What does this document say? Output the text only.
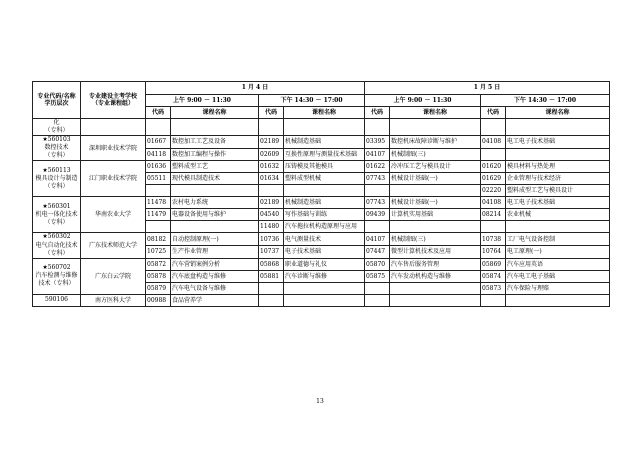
专业代码/名称
学历层次	专业建设主考学校
（专业课程组）	1 月 4 日				1 月 5 日			
		上午 9:00 － 11:30		下午 14:30 － 17:00		上午 9:00 － 11:30		下午 14:30 － 17:00	
		代码	课程名称	代码	课程名称	代码	课程名称	代码	课程名称
化
（专科）									
★560103
数控技术
（专科）	深圳职业技术学院	01667	数控加工工艺及设备	02189	机械制造基础	03395	数控机床故障诊断与维护	04108	电工电子技术基础
		04118	数控加工编程与操作	02609	互换性原理与测量技术基础	04107	机械制图(三)		
★560113
模具设计与制造
（专科）	江门职业技术学院	01636	塑料成型工艺	01632	压铸模及其他模具	01622	冷冲压工艺与模具设计	01620	模具材料与热处理
		05511	现代模具制造技术	01634	塑料成型机械	07743	机械设计基础(一)	01629	企业管理与技术经济
								02220	塑料成型工艺与模具设计
★560301
机电一体化技术
（专科）	华南农业大学	11478	农村电力系统	02189	机械制造基础	07743	机械设计基础(一)	04108	电工电子技术基础
		11479	电器设备使用与维护	04540	写作基础与训练	09439	计算机实用基础	08214	农业机械
				11480	汽车拖拉机构造原理与应用				
★560302
电气自动化技术
（专科）	广东技术师范大学	08182	自动控制原理(一)	10736	电气测量技术	04107	机械制图(三)	10738	工厂电气设备控制
		10725	生产作业管理	10737	电子技术基础	07447	微型计算机技术及应用	10764	电工原理(一)
★560702
汽车检测与维修
技术（专科）	广东白云学院	05872	汽车营销案例分析	05868	职业道德与礼仪	05870	汽车售后服务管理	05869	汽车应用英语
		05878	汽车底盘构造与维修	05881	汽车诊断与维修	05875	汽车发动机构造与维修	05874	汽车电工电子基础
		05879	汽车电气设备与维修					05873	汽车保险与理赔
590106	南方医科大学	00988	食品营养学						
13
